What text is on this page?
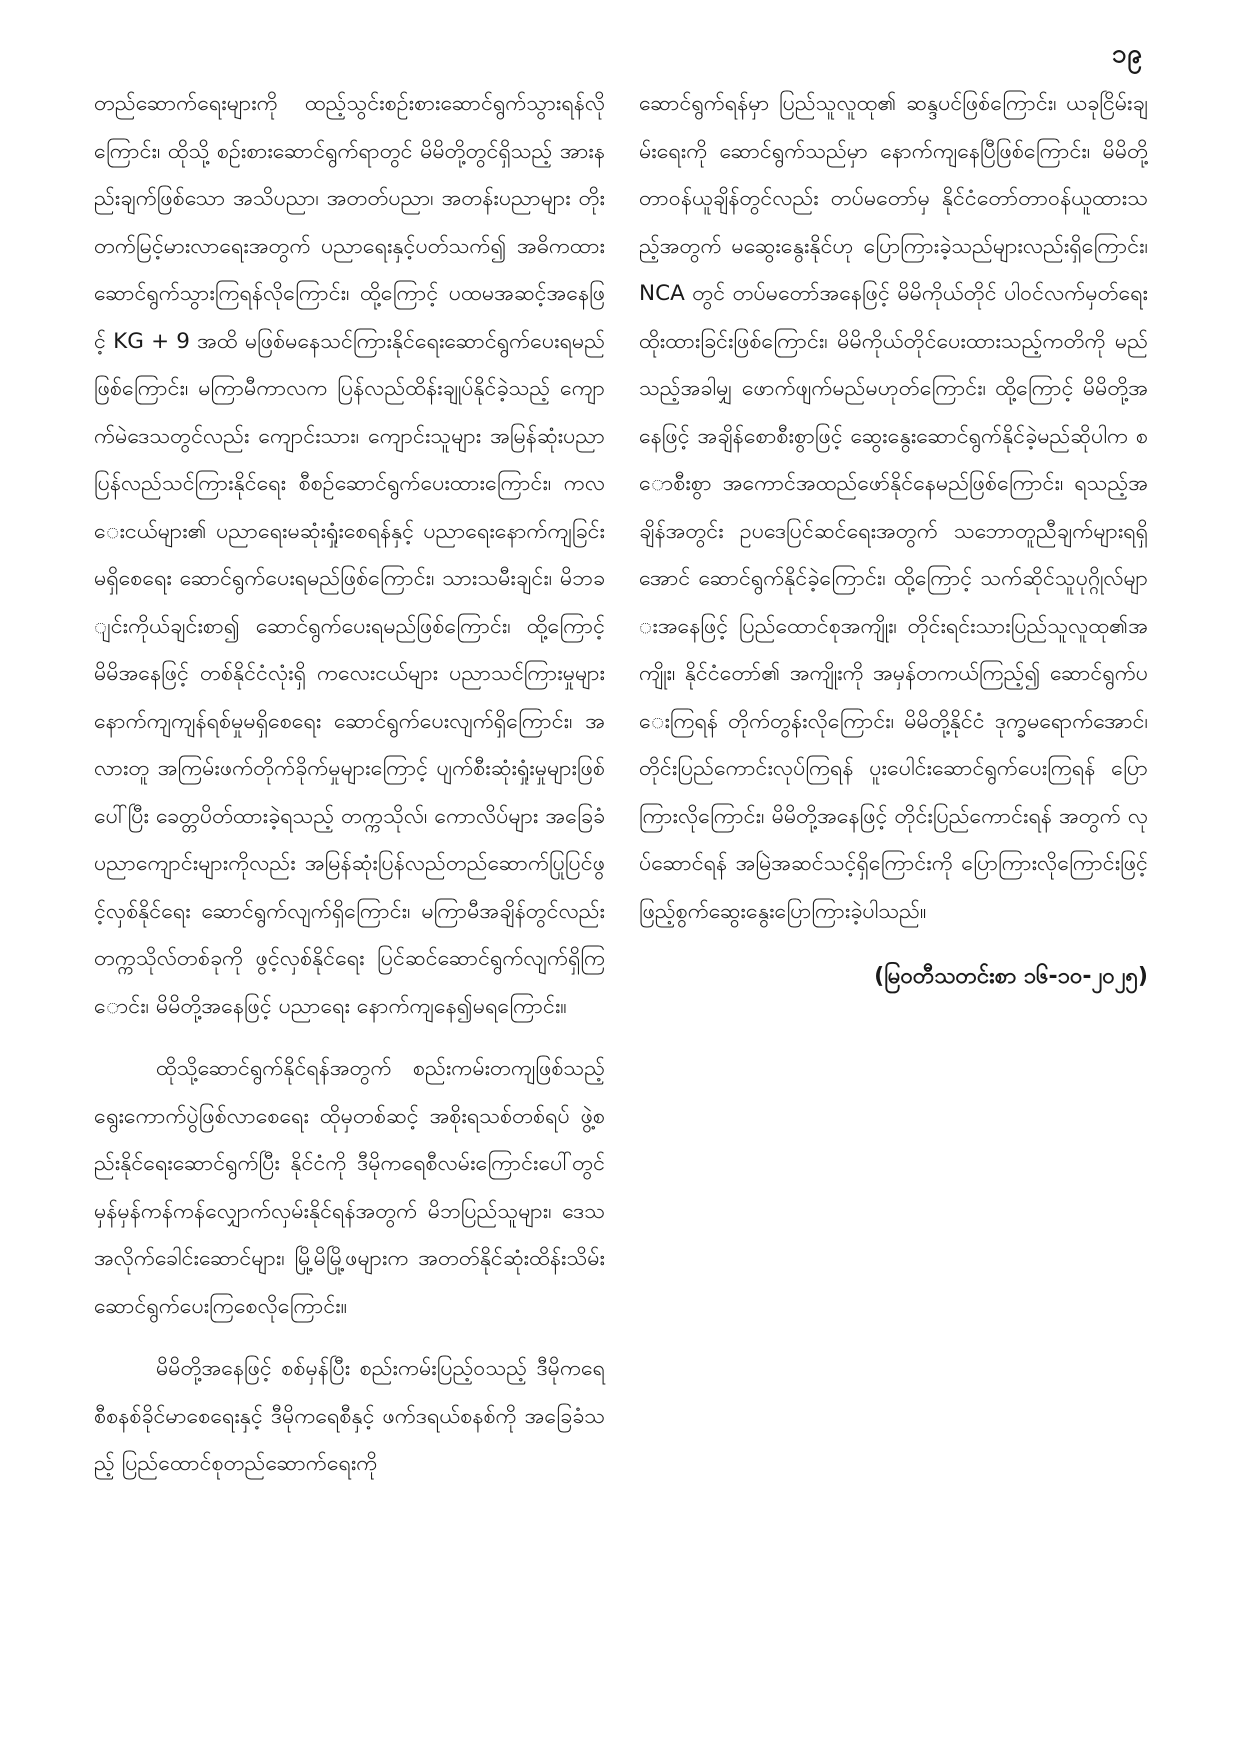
၁၉

တည်ဆောက်ရေးများကို ထည့်သွင်းစဉ်းစားဆောင်ရွက်သွားရန်လိုကြောင်း၊ ထိုသို့ စဉ်းစားဆောင်ရွက်ရာတွင် မိမိတို့တွင်ရှိသည့် အားနည်းချက်ဖြစ်သော အသိပညာ၊ အတတ်ပညာ၊ အတန်းပညာများ တိုးတက်မြင့်မားလာရေးအတွက် ပညာရေးနှင့်ပတ်သက်၍ အဓိကထားဆောင်ရွက်သွားကြရန်လိုကြောင်း၊ ထို့ကြောင့် ပထမအဆင့်အနေဖြင့် KG + 9 အထိ မဖြစ်မနေသင်ကြားနိုင်ရေးဆောင်ရွက်ပေးရမည်ဖြစ်ကြောင်း၊ မကြာမီကာလက ပြန်လည်ထိန်းချုပ်နိုင်ခဲ့သည့် ကျောက်မဲဒေသတွင်လည်း ကျောင်းသား၊ ကျောင်းသူများ အမြန်ဆုံးပညာပြန်လည်သင်ကြားနိုင်ရေး စီစဉ်ဆောင်ရွက်ပေးထားကြောင်း၊ ကလေးငယ်များ၏ ပညာရေးမဆုံးရှုံးစေရန်နှင့် ပညာရေးနောက်ကျခြင်းမရှိစေရေး ဆောင်ရွက်ပေးရမည်ဖြစ်ကြောင်း၊ သားသမီးချင်း၊ မိဘချင်းကိုယ်ချင်းစာ၍ ဆောင်ရွက်ပေးရမည်ဖြစ်ကြောင်း၊ ထို့ကြောင့် မိမိအနေဖြင့် တစ်နိုင်ငံလုံးရှိ ကလေးငယ်များ ပညာသင်ကြားမှုများ နောက်ကျကျန်ရစ်မှုမရှိစေရေး ဆောင်ရွက်ပေးလျက်ရှိကြောင်း၊ အလားတူ အကြမ်းဖက်တိုက်ခိုက်မှုများကြောင့် ပျက်စီးဆုံးရှုံးမှုများဖြစ်ပေါ်ပြီး ခေတ္တပိတ်ထားခဲ့ရသည့် တက္ကသိုလ်၊ ကောလိပ်များ အခြေခံပညာကျောင်းများကိုလည်း အမြန်ဆုံးပြန်လည်တည်ဆောက်ပြုပြင်ဖွင့်လှစ်နိုင်ရေး ဆောင်ရွက်လျက်ရှိကြောင်း၊ မကြာမီအချိန်တွင်လည်း တက္ကသိုလ်တစ်ခုကို ဖွင့်လှစ်နိုင်ရေး ပြင်ဆင်ဆောင်ရွက်လျက်ရှိကြောင်း၊ မိမိတို့အနေဖြင့် ပညာရေး နောက်ကျနေ၍မရကြောင်း။

ထိုသို့ဆောင်ရွက်နိုင်ရန်အတွက် စည်းကမ်းတကျဖြစ်သည့် ရွေးကောက်ပွဲဖြစ်လာစေရေး ထိုမှတစ်ဆင့် အစိုးရသစ်တစ်ရပ် ဖွဲ့စည်းနိုင်ရေးဆောင်ရွက်ပြီး နိုင်ငံကို ဒီမိုကရေစီလမ်းကြောင်းပေါ်တွင် မှန်မှန်ကန်ကန်လျှောက်လှမ်းနိုင်ရန်အတွက် မိဘပြည်သူများ၊ ဒေသအလိုက်ခေါင်းဆောင်များ၊ မြို့မိမြို့ဖများက အတတ်နိုင်ဆုံးထိန်းသိမ်းဆောင်ရွက်ပေးကြစေလိုကြောင်း။

မိမိတို့အနေဖြင့် စစ်မှန်ပြီး စည်းကမ်းပြည့်ဝသည့် ဒီမိုကရေစီစနစ်ခိုင်မာစေရေးနှင့် ဒီမိုကရေစီနှင့် ဖက်ဒရယ်စနစ်ကို အခြေခံသည့် ပြည်ထောင်စုတည်ဆောက်ရေးကို

ဆောင်ရွက်ရန်မှာ ပြည်သူလူထု၏ ဆန္ဒပင်ဖြစ်ကြောင်း၊ ယခုငြိမ်းချမ်းရေးကို ဆောင်ရွက်သည်မှာ နောက်ကျနေပြီဖြစ်ကြောင်း၊ မိမိတို့တာဝန်ယူချိန်တွင်လည်း တပ်မတော်မှ နိုင်ငံတော်တာဝန်ယူထားသည့်အတွက် မဆွေးနွေးနိုင်ဟု ပြောကြားခဲ့သည်များလည်းရှိကြောင်း၊ NCA တွင် တပ်မတော်အနေဖြင့် မိမိကိုယ်တိုင် ပါဝင်လက်မှတ်ရေးထိုးထားခြင်းဖြစ်ကြောင်း၊ မိမိကိုယ်တိုင်ပေးထားသည့်ကတိကို မည်သည့်အခါမျှ ဖောက်ဖျက်မည်မဟုတ်ကြောင်း၊ ထို့ကြောင့် မိမိတို့အနေဖြင့် အချိန်စောစီးစွာဖြင့် ဆွေးနွေးဆောင်ရွက်နိုင်ခဲ့မည်ဆိုပါက စောစီးစွာ အကောင်အထည်ဖော်နိုင်နေမည်ဖြစ်ကြောင်း၊ ရသည့်အချိန်အတွင်း ဥပဒေပြင်ဆင်ရေးအတွက် သဘောတူညီချက်များရရှိအောင် ဆောင်ရွက်နိုင်ခဲ့ကြောင်း၊ ထို့ကြောင့် သက်ဆိုင်သူပုဂ္ဂိုလ်များအနေဖြင့် ပြည်ထောင်စုအကျိုး၊ တိုင်းရင်းသားပြည်သူလူထု၏အကျိုး၊ နိုင်ငံတော်၏ အကျိုးကို အမှန်တကယ်ကြည့်၍ ဆောင်ရွက်ပေးကြရန် တိုက်တွန်းလိုကြောင်း၊ မိမိတို့နိုင်ငံ ဒုက္ခမရောက်အောင်၊ တိုင်းပြည်ကောင်းလုပ်ကြရန် ပူးပေါင်းဆောင်ရွက်ပေးကြရန် ပြောကြားလိုကြောင်း၊ မိမိတို့အနေဖြင့် တိုင်းပြည်ကောင်းရန် အတွက် လုပ်ဆောင်ရန် အမြဲအဆင်သင့်ရှိကြောင်းကို ပြောကြားလိုကြောင်းဖြင့် ဖြည့်စွက်ဆွေးနွေးပြောကြားခဲ့ပါသည်။

(မြဝတီသတင်းစာ ၁၆-၁၀-၂၀၂၅)
